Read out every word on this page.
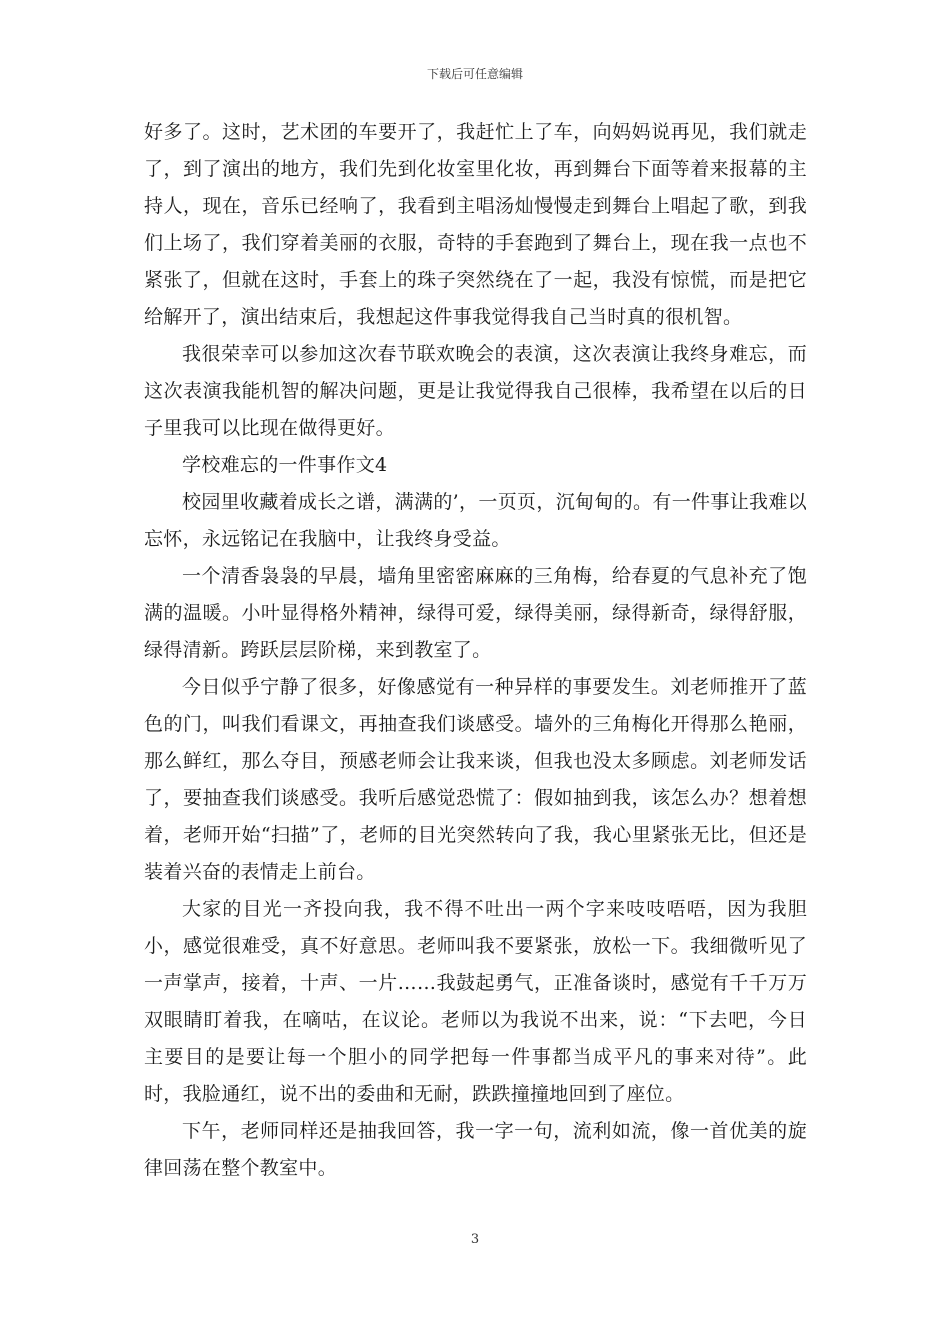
下载后可任意编辑

好多了。这时，艺术团的车要开了，我赶忙上了车，向妈妈说再见，我们就走了，到了演出的地方，我们先到化妆室里化妆，再到舞台下面等着来报幕的主持人，现在，音乐已经响了，我看到主唱汤灿慢慢走到舞台上唱起了歌，到我们上场了，我们穿着美丽的衣服，奇特的手套跑到了舞台上，现在我一点也不紧张了，但就在这时，手套上的珠子突然绕在了一起，我没有惊慌，而是把它给解开了，演出结束后，我想起这件事我觉得我自己当时真的很机智。

我很荣幸可以参加这次春节联欢晚会的表演，这次表演让我终身难忘，而这次表演我能机智的解决问题，更是让我觉得我自己很棒，我希望在以后的日子里我可以比现在做得更好。

学校难忘的一件事作文4

校园里收藏着成长之谱，满满的’，一页页，沉甸甸的。有一件事让我难以忘怀，永远铭记在我脑中，让我终身受益。

一个清香袅袅的早晨，墙角里密密麻麻的三角梅，给春夏的气息补充了饱满的温暖。小叶显得格外精神，绿得可爱，绿得美丽，绿得新奇，绿得舒服，绿得清新。跨跃层层阶梯，来到教室了。

今日似乎宁静了很多，好像感觉有一种异样的事要发生。刘老师推开了蓝色的门，叫我们看课文，再抽查我们谈感受。墙外的三角梅化开得那么艳丽，那么鲜红，那么夺目，预感老师会让我来谈，但我也没太多顾虑。刘老师发话了，要抽查我们谈感受。我听后感觉恐慌了：假如抽到我，该怎么办？想着想着，老师开始“扫描”了，老师的目光突然转向了我，我心里紧张无比，但还是装着兴奋的表情走上前台。

大家的目光一齐投向我，我不得不吐出一两个字来吱吱唔唔，因为我胆小，感觉很难受，真不好意思。老师叫我不要紧张，放松一下。我细微听见了一声掌声，接着，十声、一片……我鼓起勇气，正准备谈时，感觉有千千万万双眼睛盯着我，在嘀咕，在议论。老师以为我说不出来，说：“下去吧，今日主要目的是要让每一个胆小的同学把每一件事都当成平凡的事来对待”。此时，我脸通红，说不出的委曲和无耐，跌跌撞撞地回到了座位。

下午，老师同样还是抽我回答，我一字一句，流利如流，像一首优美的旋律回荡在整个教室中。

3
